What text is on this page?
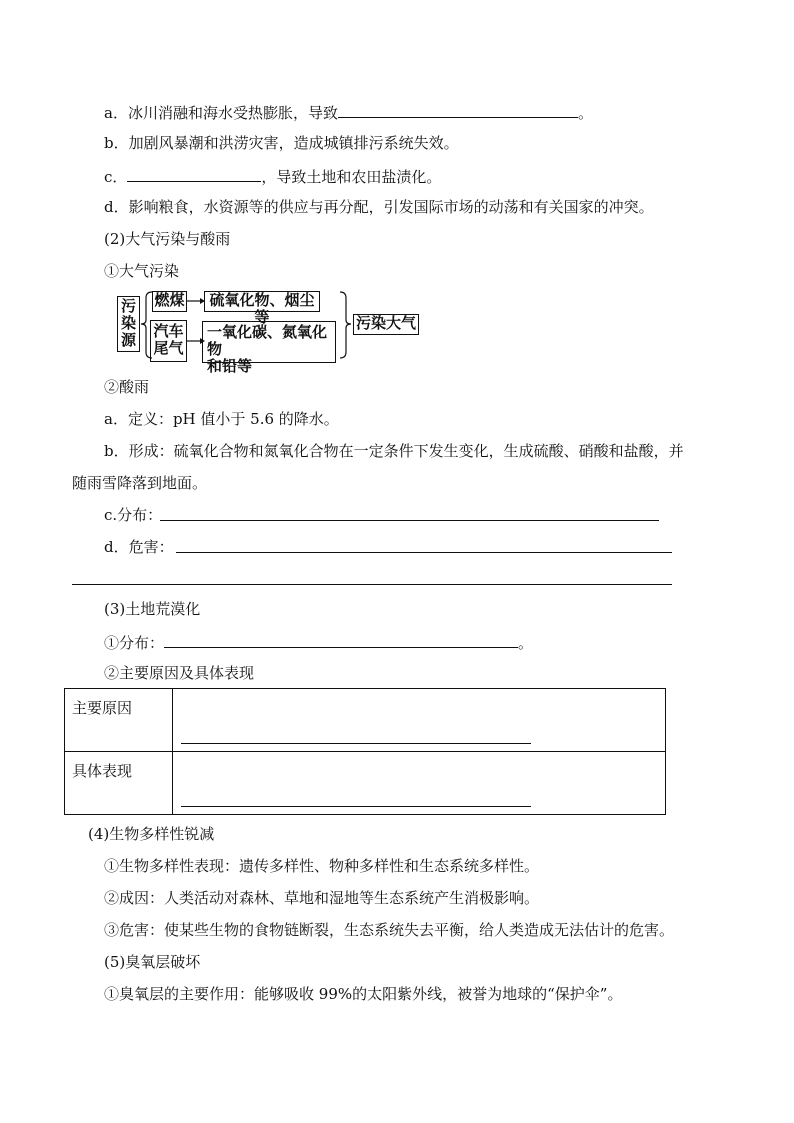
a．冰川消融和海水受热膨胀，导致	。
b．加剧风暴潮和洪涝灾害，造成城镇排污系统失效。
c．	，导致土地和农田盐渍化。
d．影响粮食，水资源等的供应与再分配，引发国际市场的动荡和有关国家的冲突。
(2)大气污染与酸雨
①大气污染
污
染
源
燃煤	硫氧化物、烟尘等
汽车
尾气
一氧化碳、氮氧化物
和铅等
污染大气
②酸雨
a．定义：pH 值小于 5.6 的降水。
b．形成：硫氧化合物和氮氧化合物在一定条件下发生变化，生成硫酸、硝酸和盐酸，并
随雨雪降落到地面。
c.分布：
d．危害：
(3)土地荒漠化
①分布：	。
②主要原因及具体表现
主要原因	

具体表现	
(4)生物多样性锐减
①生物多样性表现：遗传多样性、物种多样性和生态系统多样性。
②成因：人类活动对森林、草地和湿地等生态系统产生消极影响。
③危害：使某些生物的食物链断裂，生态系统失去平衡，给人类造成无法估计的危害。
(5)臭氧层破坏
①臭氧层的主要作用：能够吸收 99%的太阳紫外线，被誉为地球的“保护伞”。
